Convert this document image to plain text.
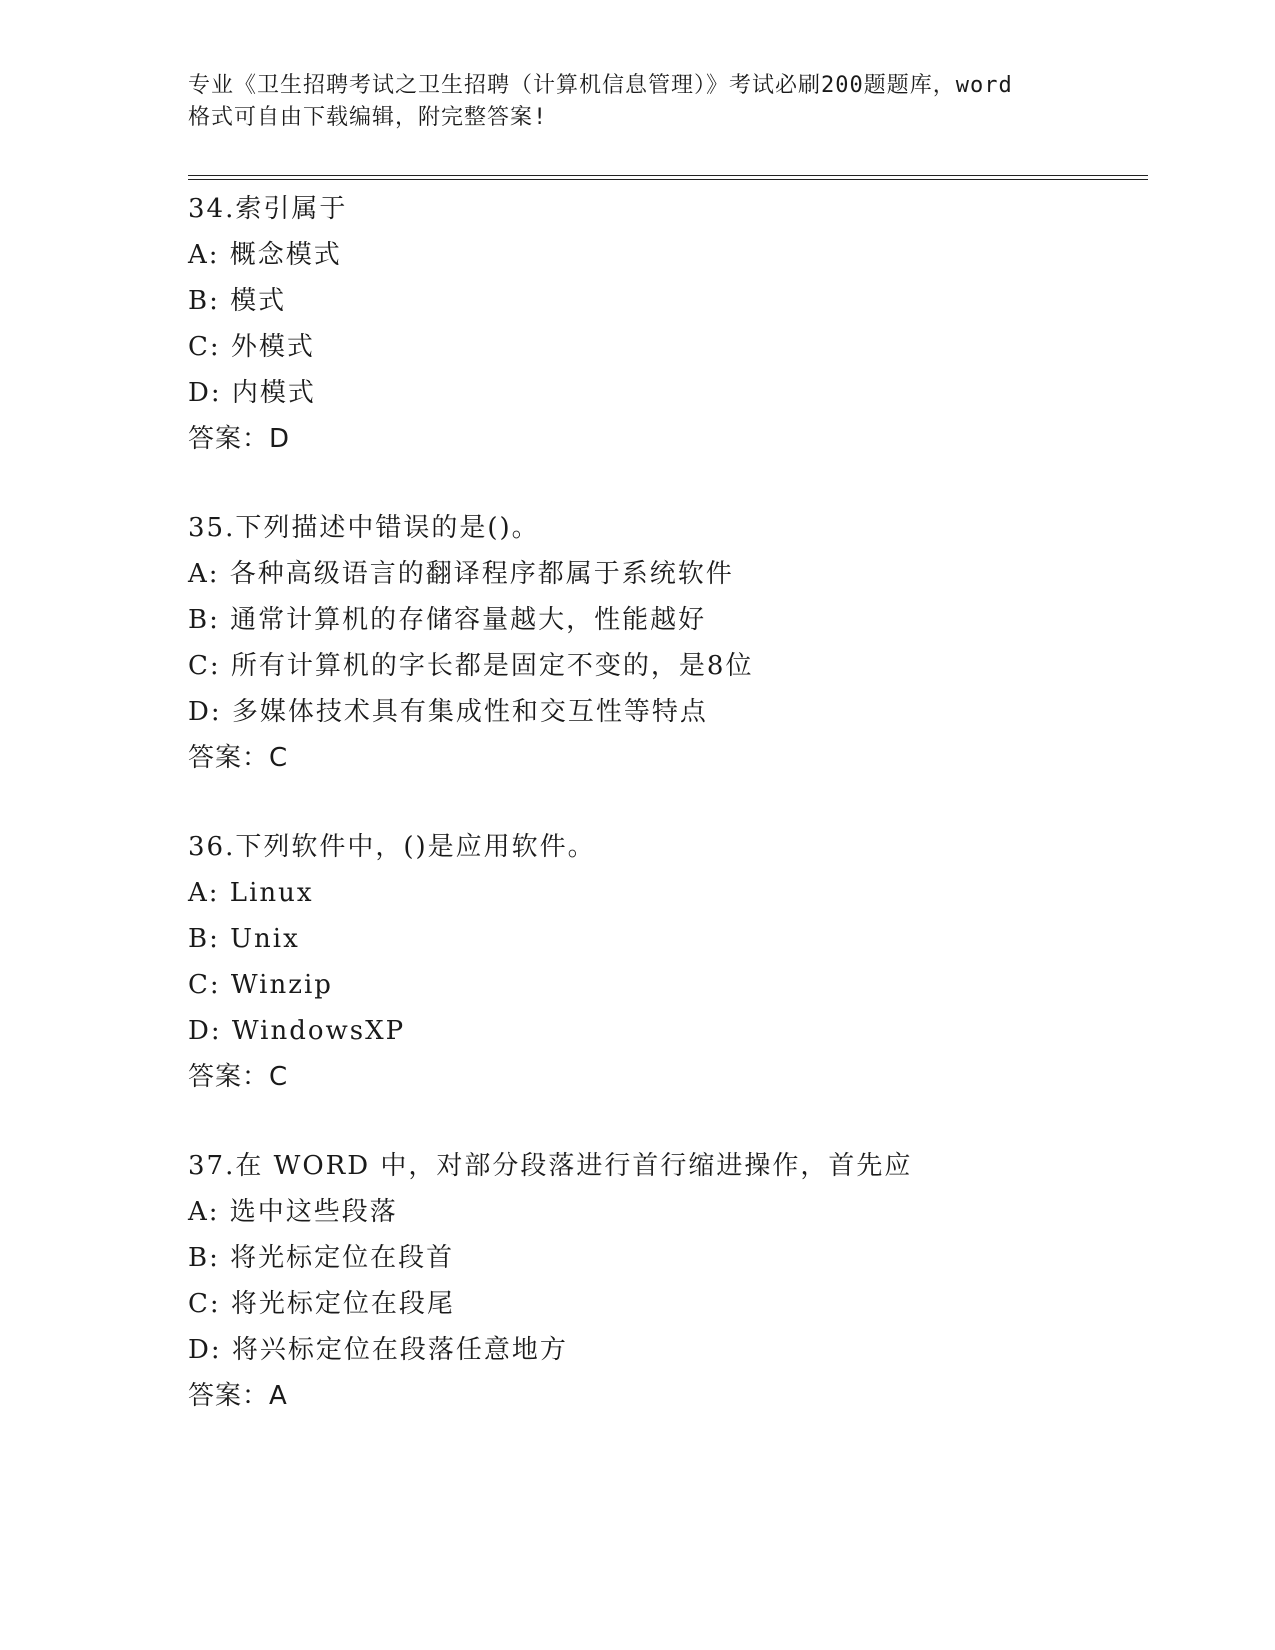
专业《卫生招聘考试之卫生招聘（计算机信息管理）》考试必刷200题题库，word
格式可自由下载编辑，附完整答案!

34.索引属于

A: 概念模式

B: 模式

C: 外模式

D: 内模式

答案：D

35.下列描述中错误的是()。

A: 各种高级语言的翻译程序都属于系统软件

B: 通常计算机的存储容量越大，性能越好

C: 所有计算机的字长都是固定不变的，是8位

D: 多媒体技术具有集成性和交互性等特点

答案：C

36.下列软件中，()是应用软件。

A: Linux

B: Unix

C: Winzip

D: WindowsXP

答案：C

37.在 WORD 中，对部分段落进行首行缩进操作，首先应

A: 选中这些段落

B: 将光标定位在段首

C: 将光标定位在段尾

D: 将兴标定位在段落任意地方

答案：A
